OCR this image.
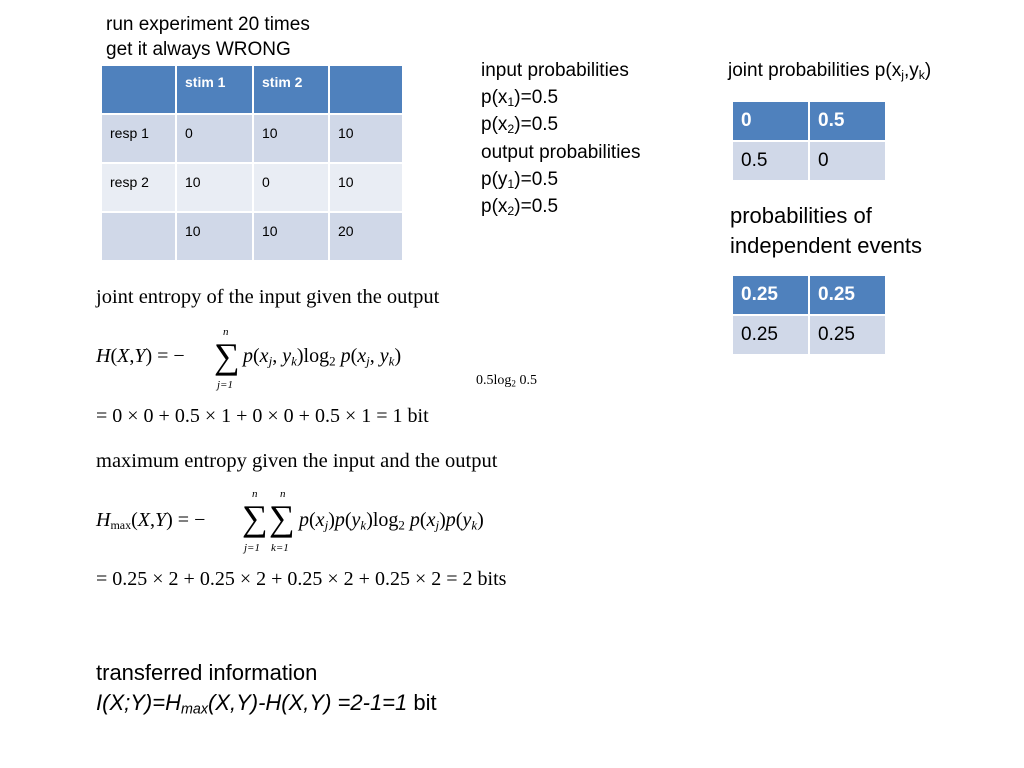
run experiment 20 times
get it always WRONG
	stim 1	stim 2	
resp 1	0	10	10
resp 2	10	0	10
	10	10	20
input probabilities
$p(x_1)=0.5$
$p(x_2)=0.5$
output probabilities
$p(y_1)=0.5$
$p(x_2)=0.5$
joint probabilities $p(x_j,y_k)$
0	0.5
0.5	0
probabilities of
independent events
0.25	0.25
0.25	0.25
joint entropy of the input given the output
n
∑
j=1
H(X,Y) = −	$p(x_j$, $y_k)\log_2$ $p(x_j$, $y_k$)
$0.5\log_2$ 0.5
= 0 × 0 + 0.5 × 1 + 0 × 0 + 0.5 × 1 = 1 bit
maximum entropy given the input and the output
n n
∑ ∑
j=1 k=1
$H_{max}(X,Y)$ = −	$p(x_j)p(y_k)\log_2$ $p(x_j)p(y_k)$
= 0.25 × 2 + 0.25 × 2 + 0.25 × 2 + 0.25 × 2 = 2 bits
transferred information
$I(X;Y)=H_{max}(X,Y)-H(X,Y) =2-1=1$ bit
